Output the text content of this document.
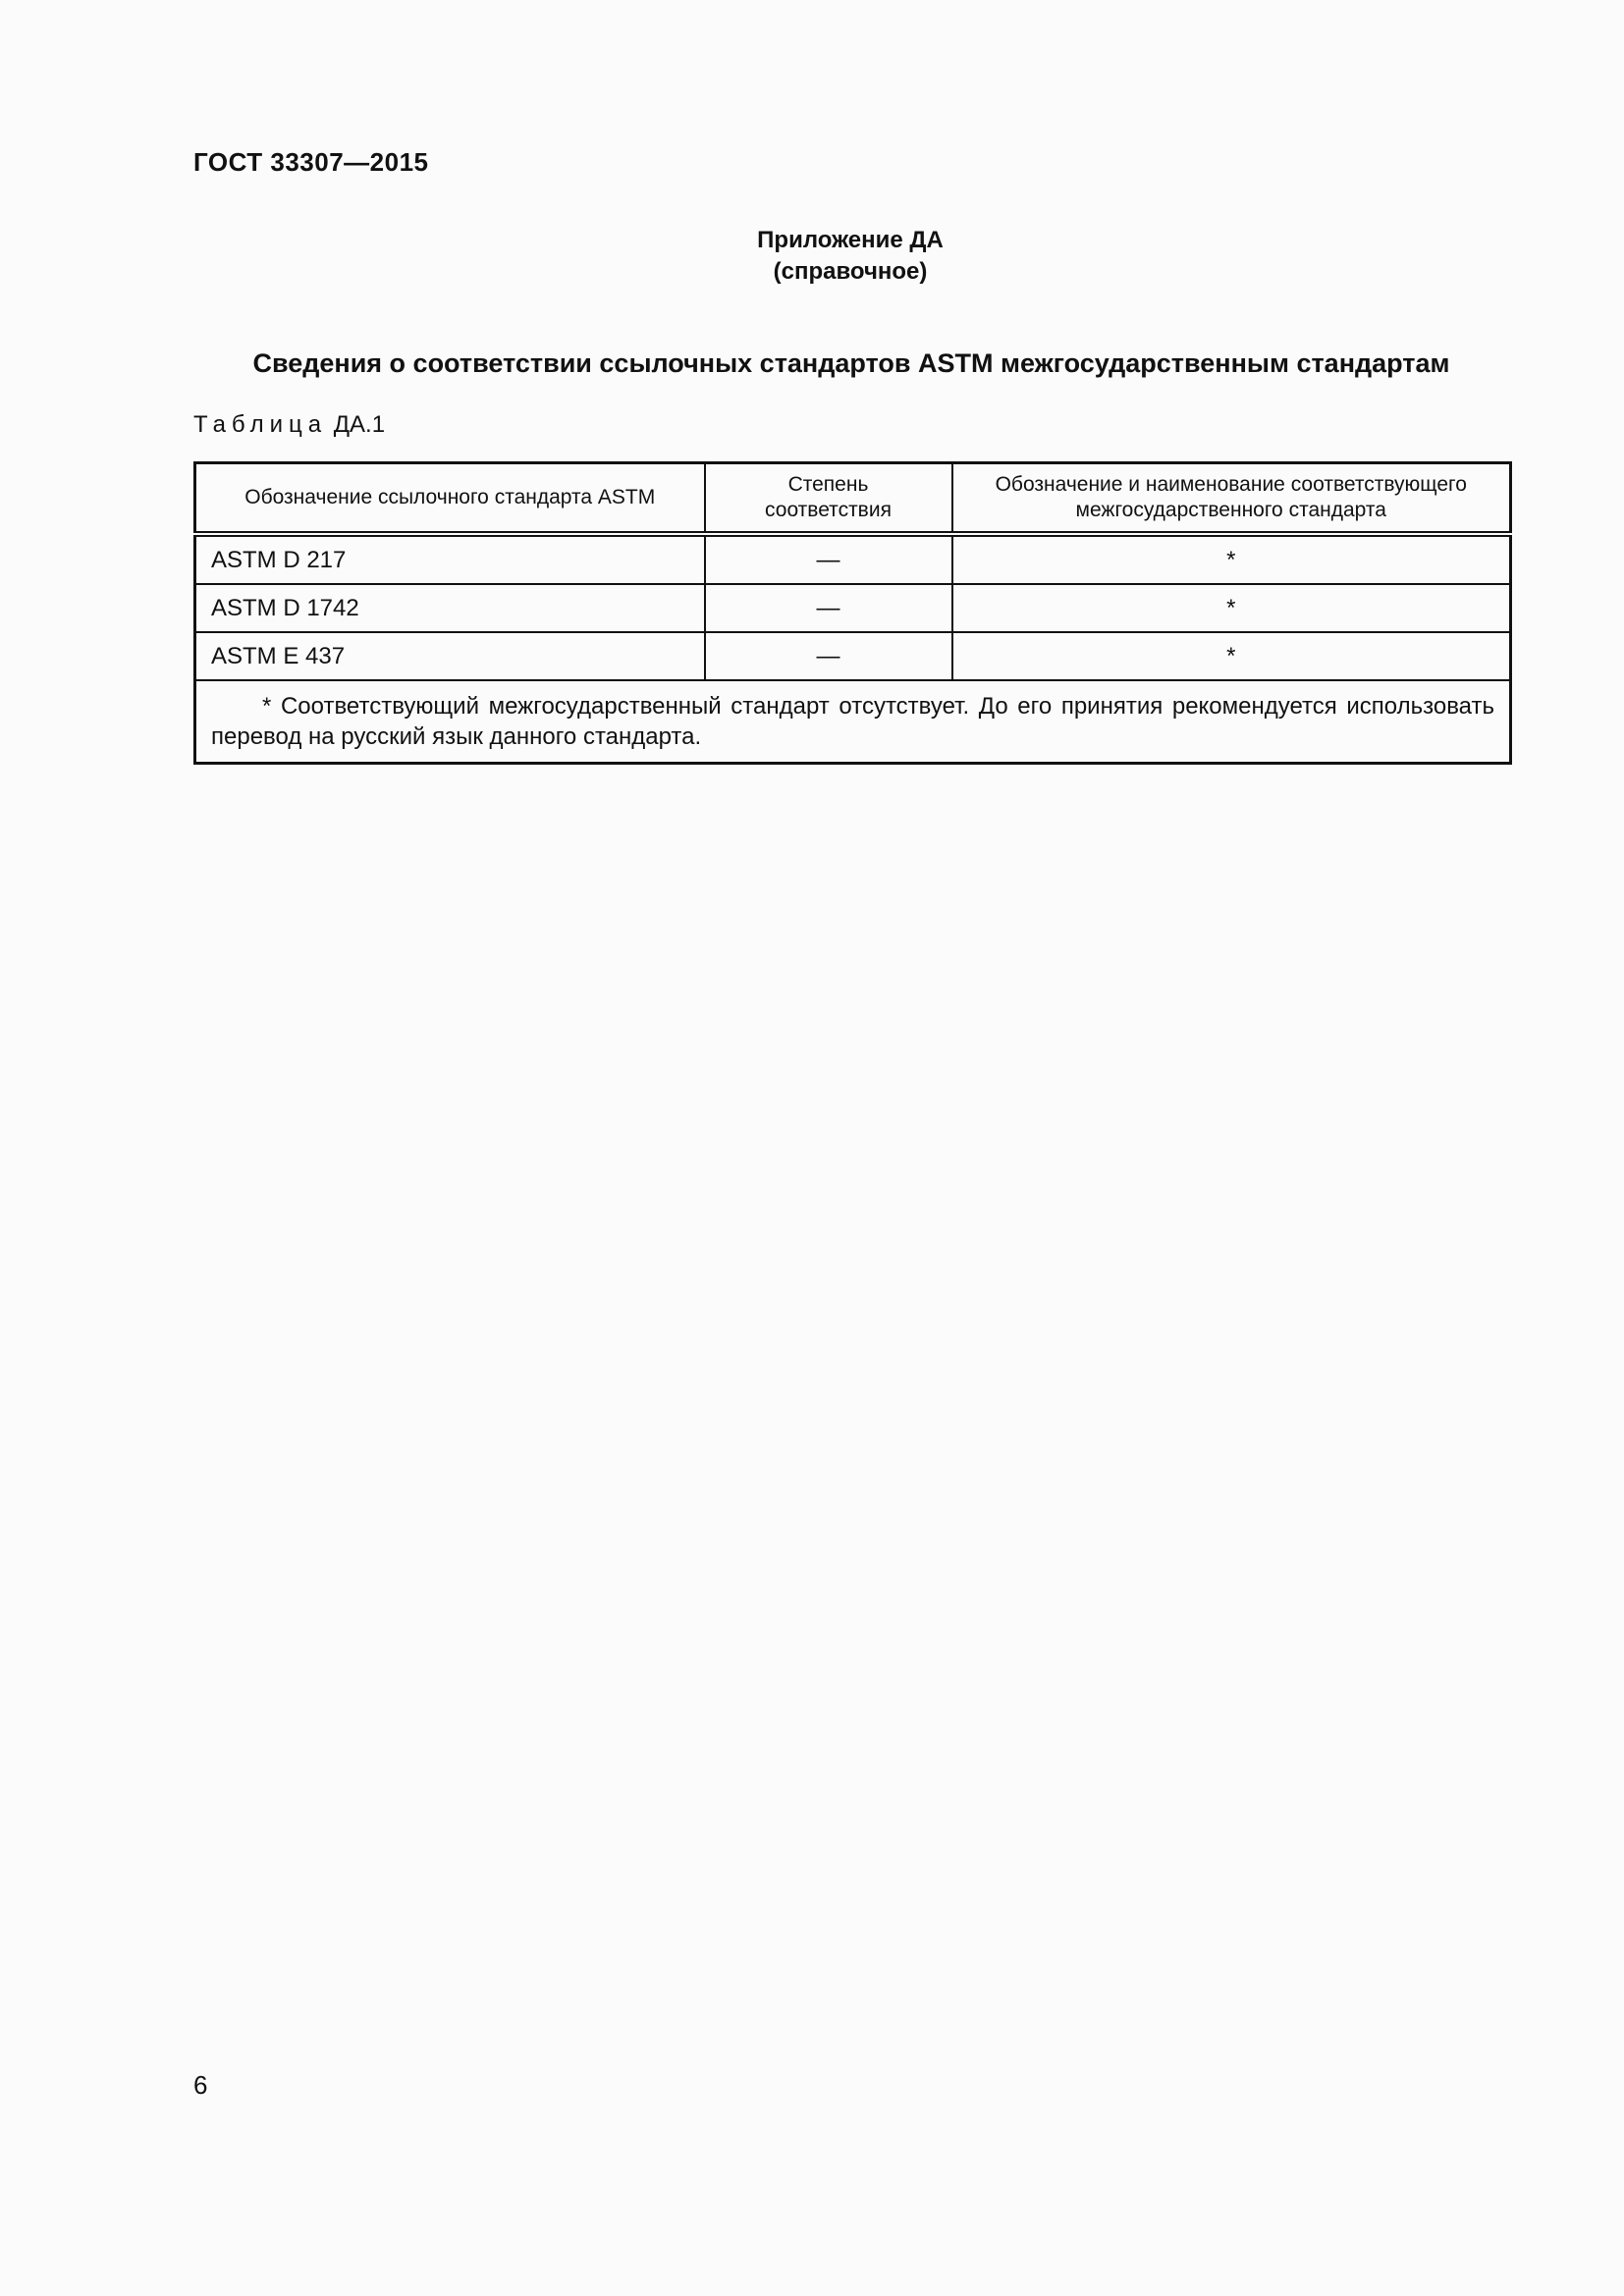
ГОСТ 33307—2015
Приложение ДА
(справочное)
Сведения о соответствии ссылочных стандартов ASTM межгосударственным стандартам
Таблица ДА.1
Обозначение ссылочного стандарта ASTM	Степень соответствия	Обозначение и наименование соответствующего межгосударственного стандарта
ASTM D 217	—	*
ASTM D 1742	—	*
ASTM E 437	—	*
* Соответствующий межгосударственный стандарт отсутствует. До его принятия рекомендуется использовать перевод на русский язык данного стандарта.		
6
